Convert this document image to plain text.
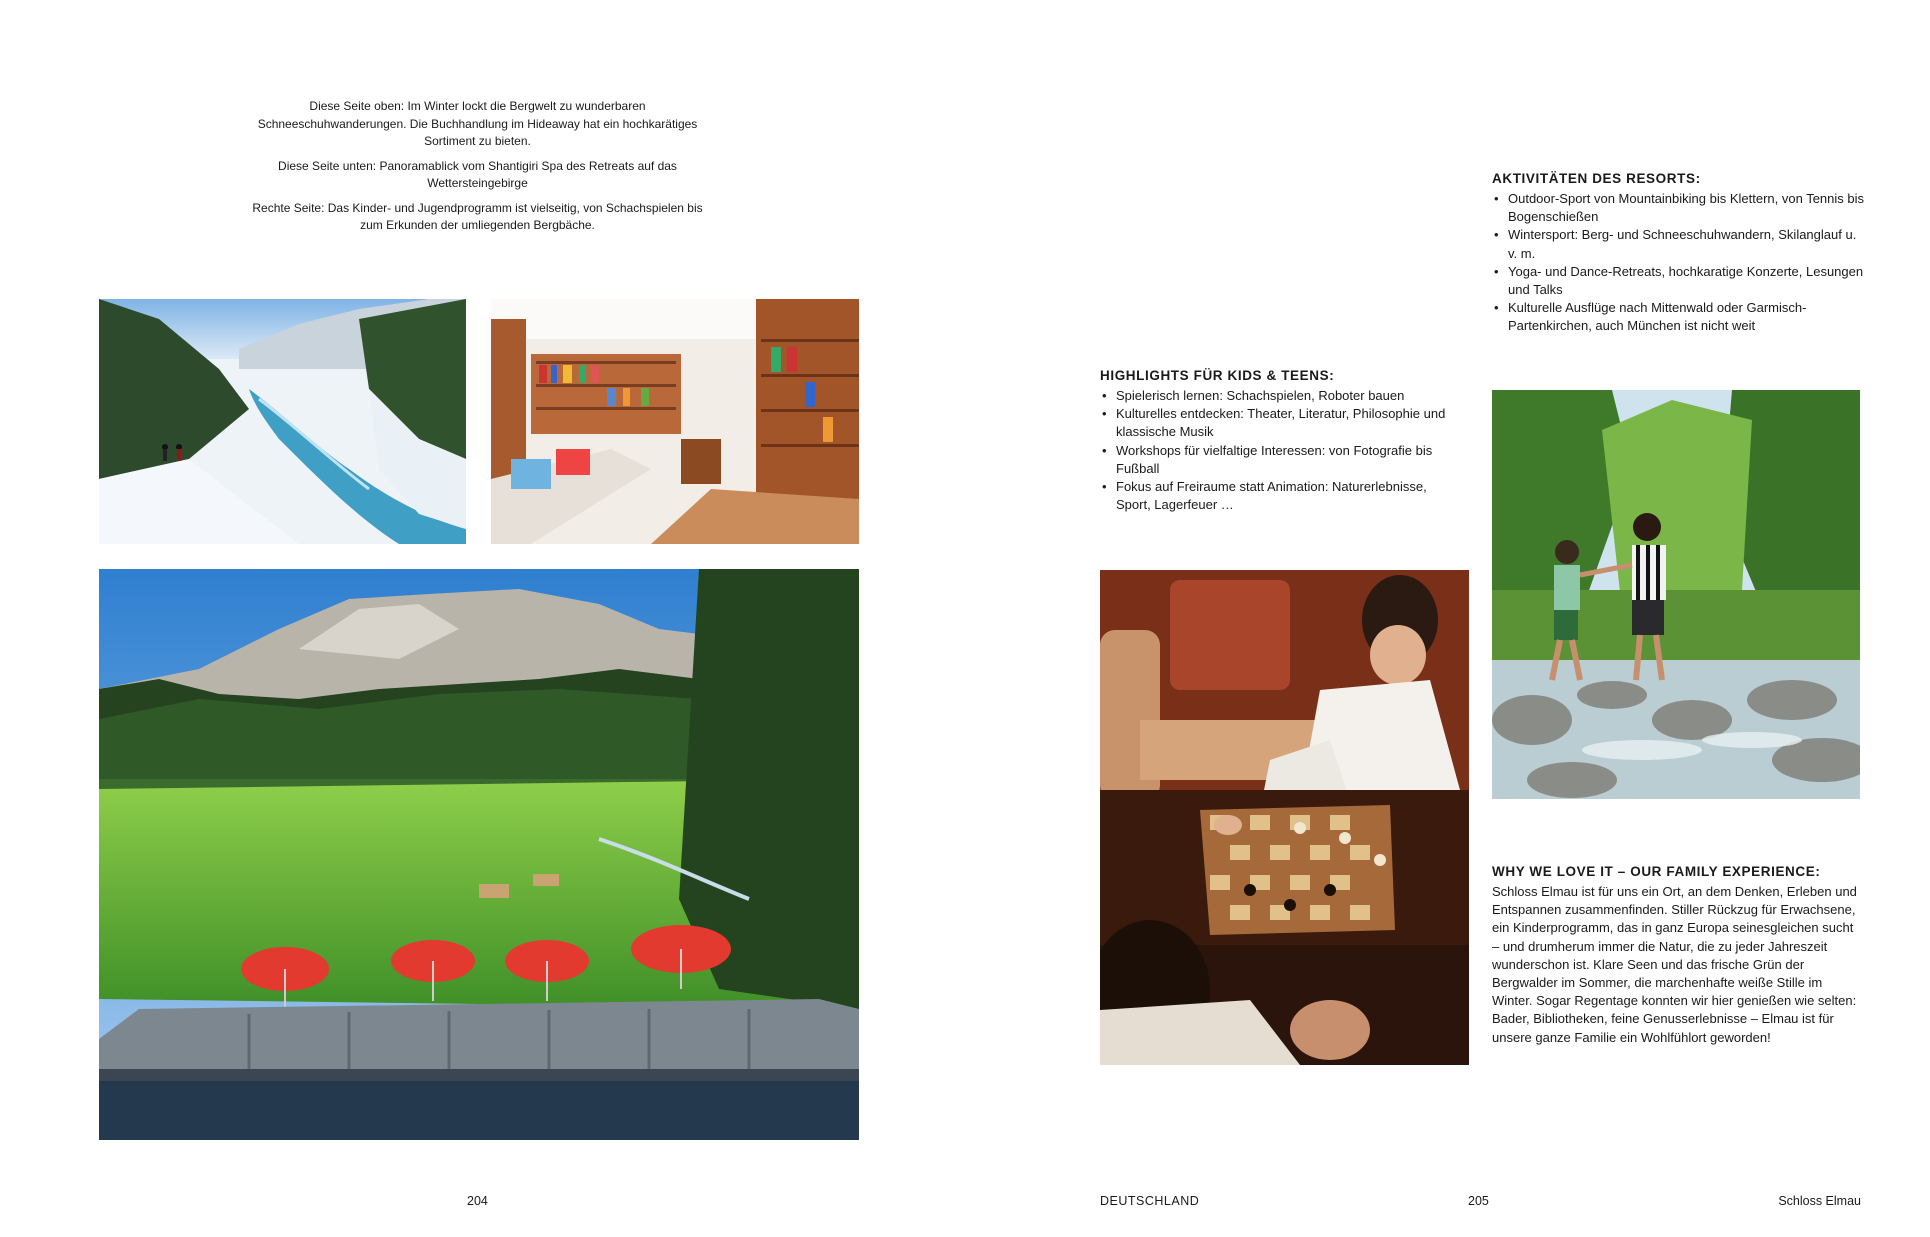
Diese Seite oben: Im Winter lockt die Bergwelt zu wunderbaren Schneeschuhwanderungen. Die Buchhandlung im Hideaway hat ein hochkarätiges Sortiment zu bieten.

Diese Seite unten: Panoramablick vom Shantigiri Spa des Retreats auf das Wettersteingebirge

Rechte Seite: Das Kinder- und Jugendprogramm ist vielseitig, von Schachspielen bis zum Erkunden der umliegenden Bergbäche.

AKTIVITÄTEN DES RESORTS:
• Outdoor-Sport von Mountainbiking bis Klettern, von Tennis bis Bogenschießen
• Wintersport: Berg- und Schneeschuhwandern, Skilanglauf u. v. m.
• Yoga- und Dance-Retreats, hochkaratige Konzerte, Lesungen und Talks
• Kulturelle Ausflüge nach Mittenwald oder Garmisch-Partenkirchen, auch München ist nicht weit
HIGHLIGHTS FÜR KIDS & TEENS:
• Spielerisch lernen: Schachspielen, Roboter bauen
• Kulturelles entdecken: Theater, Literatur, Philosophie und klassische Musik
• Workshops für vielfaltige Interessen: von Fotografie bis Fußball
• Fokus auf Freiraume statt Animation: Naturerlebnisse, Sport, Lagerfeuer …
WHY WE LOVE IT – OUR FAMILY EXPERIENCE:

Schloss Elmau ist für uns ein Ort, an dem Denken, Erleben und Entspannen zusammenfinden. Stiller Rückzug für Erwachsene, ein Kinderprogramm, das in ganz Europa seinesgleichen sucht – und drumherum immer die Natur, die zu jeder Jahreszeit wunderschon ist. Klare Seen und das frische Grün der Bergwalder im Sommer, die marchenhafte weiße Stille im Winter. Sogar Regentage konnten wir hier genießen wie selten: Bader, Bibliotheken, feine Genusserlebnisse – Elmau ist für unsere ganze Familie ein Wohlfühlort geworden!

204	DEUTSCHLAND	205	Schloss Elmau
